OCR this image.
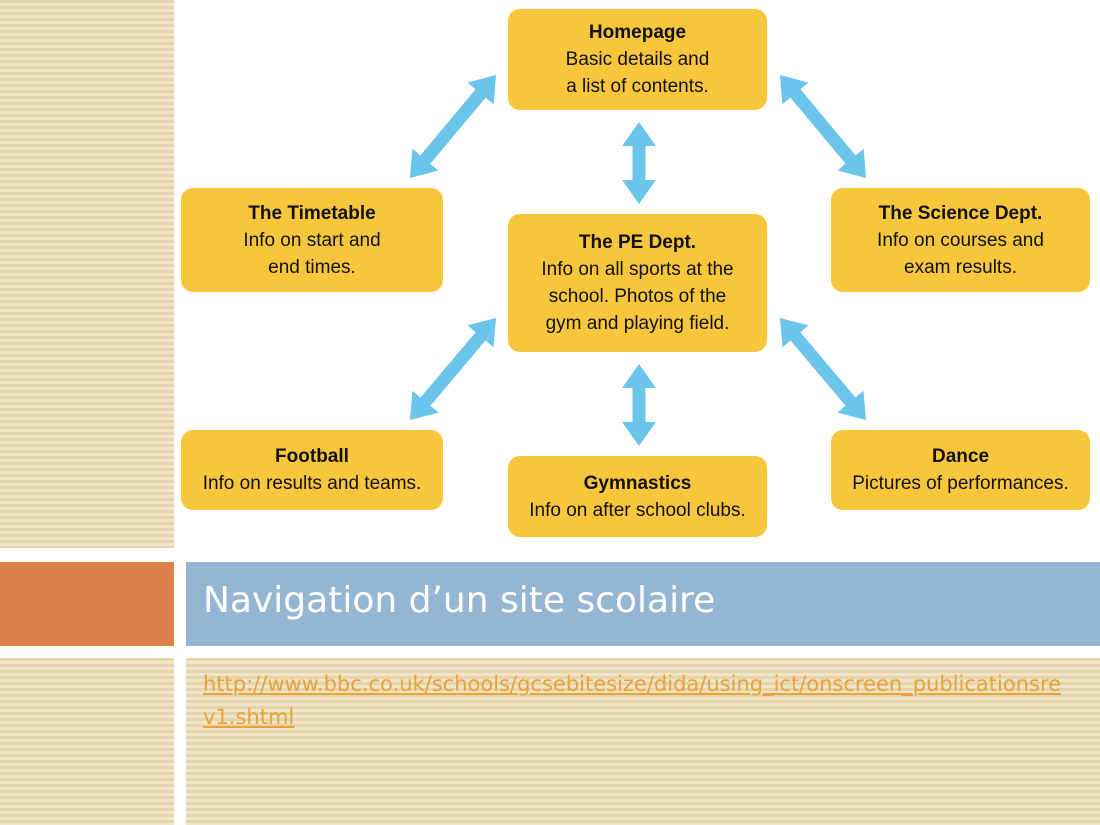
Homepage
Basic details and
a list of contents.
The Timetable
Info on start and
end times.
The PE Dept.
Info on all sports at the
school. Photos of the
gym and playing field.
The Science Dept.
Info on courses and
exam results.
Football
Info on results and teams.	Gymnastics
Info on after school clubs.
Dance
Pictures of performances.
Navigation d’un site scolaire
http://www.bbc.co.uk/schools/gcsebitesize/dida/using_ict/onscreen_publicationsrev1.shtml
